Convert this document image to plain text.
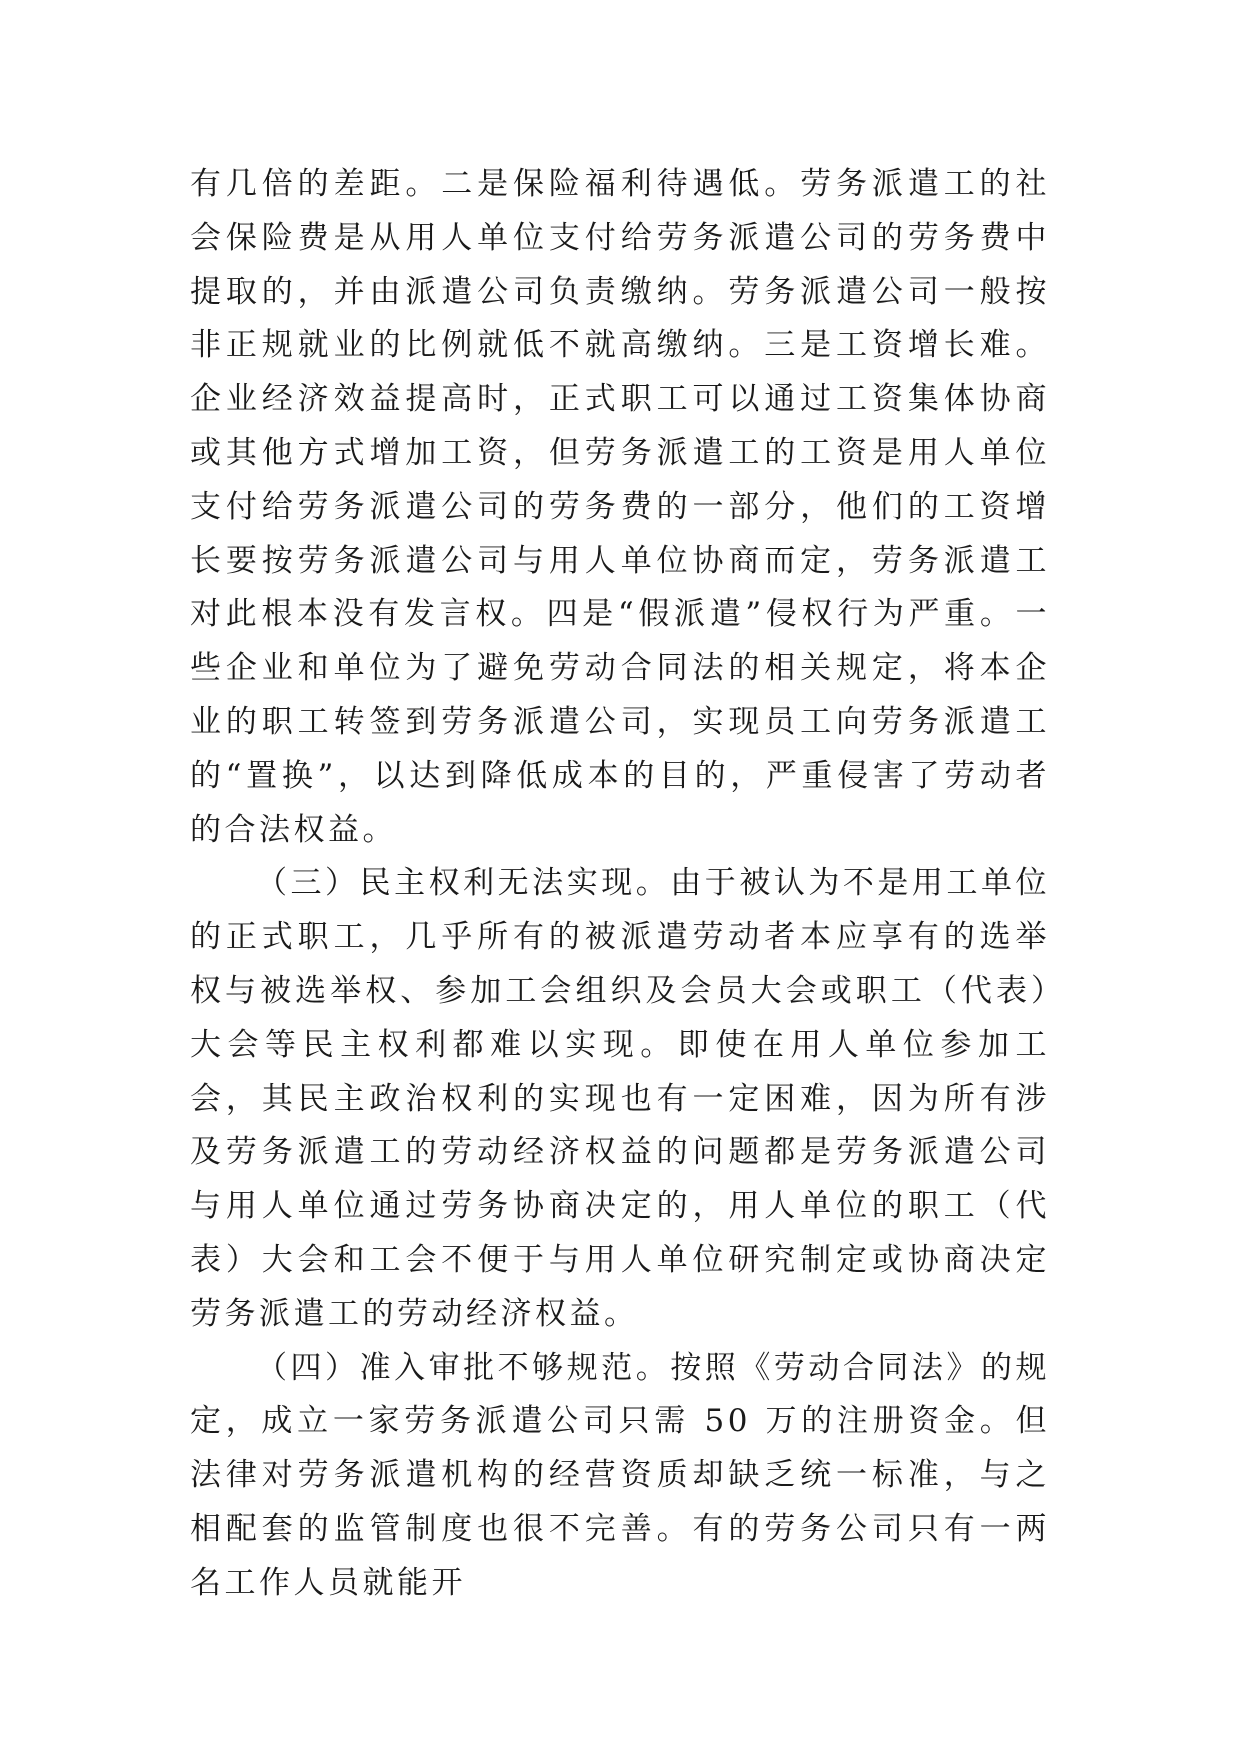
有几倍的差距。二是保险福利待遇低。劳务派遣工的社会保险费是从用人单位支付给劳务派遣公司的劳务费中提取的，并由派遣公司负责缴纳。劳务派遣公司一般按非正规就业的比例就低不就高缴纳。三是工资增长难。企业经济效益提高时，正式职工可以通过工资集体协商或其他方式增加工资，但劳务派遣工的工资是用人单位支付给劳务派遣公司的劳务费的一部分，他们的工资增长要按劳务派遣公司与用人单位协商而定，劳务派遣工对此根本没有发言权。四是“假派遣”侵权行为严重。一些企业和单位为了避免劳动合同法的相关规定，将本企业的职工转签到劳务派遣公司，实现员工向劳务派遣工的“置换”，以达到降低成本的目的，严重侵害了劳动者的合法权益。

（三）民主权利无法实现。由于被认为不是用工单位的正式职工，几乎所有的被派遣劳动者本应享有的选举权与被选举权、参加工会组织及会员大会或职工（代表）大会等民主权利都难以实现。即使在用人单位参加工会，其民主政治权利的实现也有一定困难，因为所有涉及劳务派遣工的劳动经济权益的问题都是劳务派遣公司与用人单位通过劳务协商决定的，用人单位的职工（代表）大会和工会不便于与用人单位研究制定或协商决定劳务派遣工的劳动经济权益。

（四）准入审批不够规范。按照《劳动合同法》的规定，成立一家劳务派遣公司只需 50 万的注册资金。但法律对劳务派遣机构的经营资质却缺乏统一标准，与之相配套的监管制度也很不完善。有的劳务公司只有一两名工作人员就能开
